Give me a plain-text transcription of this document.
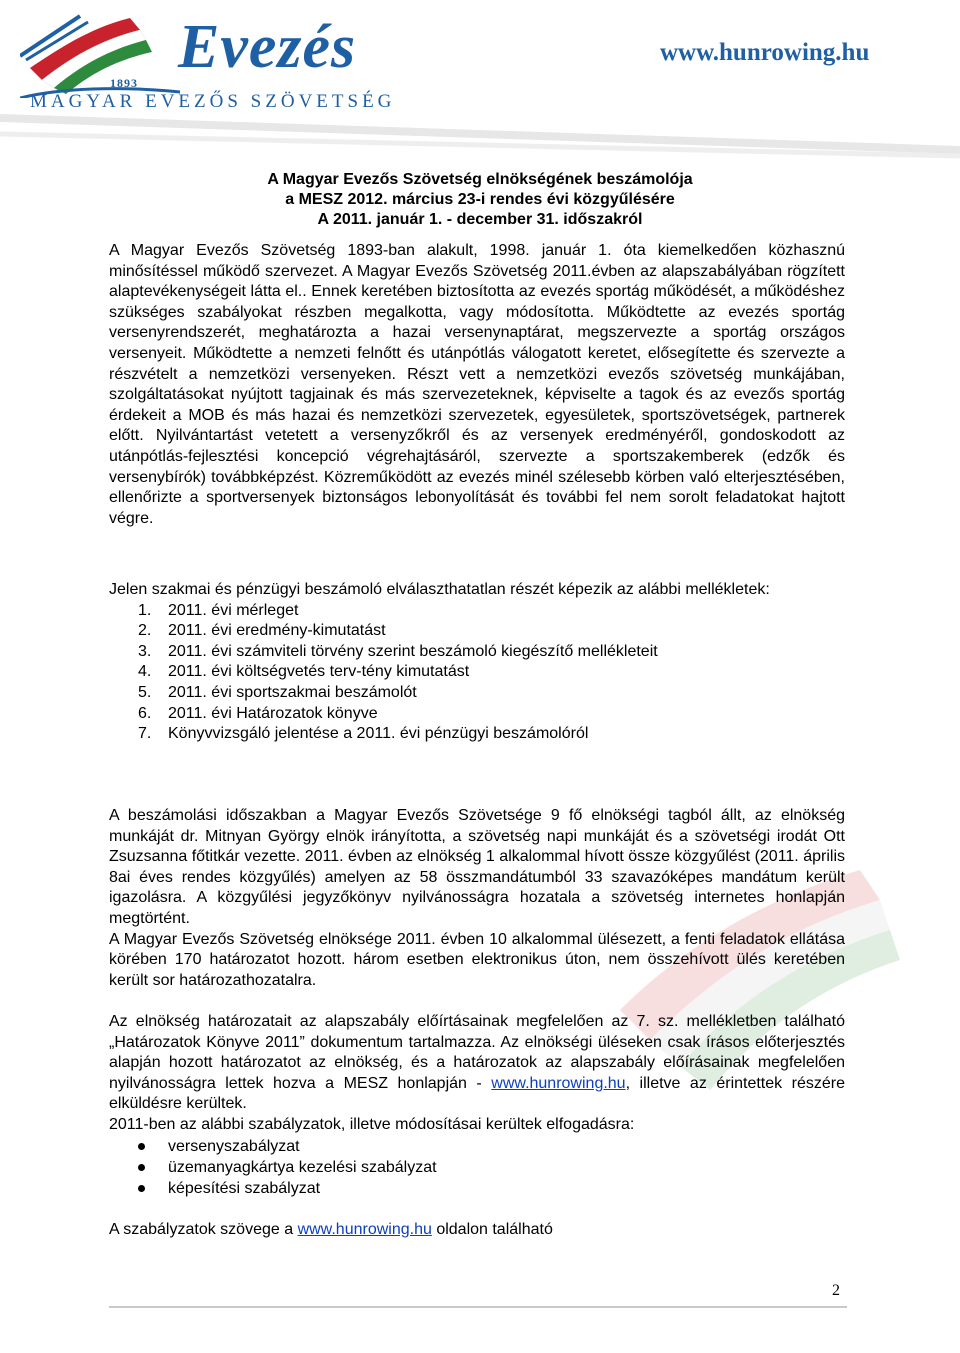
Evezés
1893
MAGYAR EVEZŐS SZÖVETSÉG
www.hunrowing.hu
A Magyar Evezős Szövetség elnökségének beszámolója
a MESZ 2012. március 23-i rendes évi közgyűlésére
A 2011. január 1. - december 31. időszakról

A Magyar Evezős Szövetség 1893-ban alakult, 1998. január 1. óta kiemelkedően közhasznú minősítéssel működő szervezet. A Magyar Evezős Szövetség 2011.évben az alapszabályában rögzített alaptevékenységeit látta el.. Ennek keretében biztosította az evezés sportág működését, a működéshez szükséges szabályokat részben megalkotta, vagy módosította. Működtette az evezés sportág versenyrendszerét, meghatározta a hazai versenynaptárat, megszervezte a sportág országos versenyeit. Működtette a nemzeti felnőtt és utánpótlás válogatott keretet, elősegítette és szervezte a részvételt a nemzetközi versenyeken. Részt vett a nemzetközi evezős szövetség munkájában, szolgáltatásokat nyújtott tagjainak és más szervezeteknek, képviselte a tagok és az evezős sportág érdekeit a MOB és más hazai és nemzetközi szervezetek, egyesületek, sportszövetségek, partnerek előtt. Nyilvántartást vetetett a versenyzőkről és az versenyek eredményéről, gondoskodott az utánpótlás-fejlesztési koncepció végrehajtásáról, szervezte a sportszakemberek (edzők és versenybírók) továbbképzést. Közreműködött az evezés minél szélesebb körben való elterjesztésében, ellenőrizte a sportversenyek biztonságos lebonyolítását és további fel nem sorolt feladatokat hajtott végre.

Jelen szakmai és pénzügyi beszámoló elválaszthatatlan részét képezik az alábbi mellékletek:

1. 2011. évi mérleget
2. 2011. évi eredmény-kimutatást
3. 2011. évi számviteli törvény szerint beszámoló kiegészítő mellékleteit
4. 2011. évi költségvetés terv-tény kimutatást
5. 2011. évi sportszakmai beszámolót
6. 2011. évi Határozatok könyve
7. Könyvvizsgáló jelentése a 2011. évi pénzügyi beszámolóról

A beszámolási időszakban a Magyar Evezős Szövetsége 9 fő elnökségi tagból állt, az elnökség munkáját dr. Mitnyan György elnök irányította, a szövetség napi munkáját és a szövetségi irodát Ott Zsuzsanna főtitkár vezette. 2011. évben az elnökség 1 alkalommal hívott össze közgyűlést (2011. április 8ai éves rendes közgyűlés) amelyen az 58 összmandátumból 33 szavazóképes mandátum került igazolásra. A közgyűlési jegyzőkönyv nyilvánosságra hozatala a szövetség internetes honlapján megtörtént.

A Magyar Evezős Szövetség elnöksége 2011. évben 10 alkalommal ülésezett, a fenti feladatok ellátása körében 170 határozatot hozott. három esetben elektronikus úton, nem összehívott ülés keretében került sor határozathozatalra.

Az elnökség határozatait az alapszabály előírtásainak megfelelően az 7. sz. mellékletben található „Határozatok Könyve 2011” dokumentum tartalmazza. Az elnökségi üléseken csak írásos előterjesztés alapján hozott határozatot az elnökség, és a határozatok az alapszabály előírásainak megfelelően nyilvánosságra lettek hozva a MESZ honlapján - www.hunrowing.hu, illetve az érintettek részére elküldésre kerültek.

2011-ben az alábbi szabályzatok, illetve módosításai kerültek elfogadásra:

versenyszabályzat
üzemanyagkártya kezelési szabályzat
képesítési szabályzat

A szabályzatok szövege a www.hunrowing.hu oldalon található

2
